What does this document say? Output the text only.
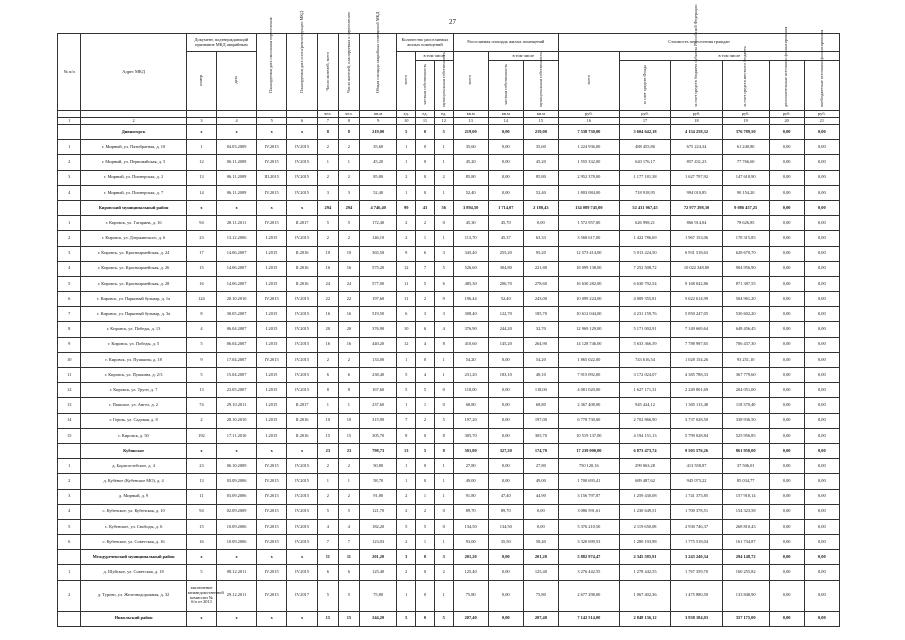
27
№ п/п	Адрес МКД	Документ, подтверждающий признание МКД аварийным		Планируемая дата окончания переселения	Планируемая дата сноса/реконструкции МКД	Число жителей, всего	Число жителей, планируемых к переселению	Общая площадь аварийных помещений МКД	Количество расселяемых жилых помещений			Расселяемая площадь жилых помещений			Стоимость переселения граждан					
		номер	дата						всего	в том числе		всего	в том числе		всего	в том числе				
										частная собственность	муниципальная собственность		частная собственность	муниципальная собственность		за счет средств Фонда	за счет средств бюджета субъекта Российской Федерации	за счет средств местного бюджета	дополнительные источники финансирования	внебюджетные источники финансирования
						чел.	чел.	кв.м	ед.	ед.	ед.	кв.м	кв.м	кв.м	руб.	руб.	руб.	руб.	руб.	руб.
1	2	3	4	5	6	7	8	9	10	11	12	13	14	15	16	17	18	19	20	21
	Дивногорск	x	x	x	x	8	8	219,00	5	0	5	219,00	0,00	219,00	7 538 730,00	3 604 642,18	4 154 258,32	376 789,50	0,00	0,00
1	г. Мирный, ул. Пятибратная, д. 10	1	04.03.2009	IV.2015	IV.2015	2	2	35,60	1	0	1	35,60	0,00	35,60	1 224 936,00	488 455,86	675 224,34	61 240,80	0,00	0,00
2	г. Мирный, ул. Первомайская, д. 5	12	06.11.2009	IV.2015	IV.2015	1	1	45,20	1	0	1	45,20	0,00	45,20	1 555 332,00	620 176,17	857 431,23	77 766,60	0,00	0,00
3	г. Мирный, ул. Пионерская, д. 2	13	06.11.2009	III.2015	IV.2015	2	2	85,80	2	0	2	85,80	0,00	85,80	2 952 378,00	1 177 181,38	1 627 797,92	147 618,90	0,00	0,00
4	г. Мирный, ул. Пионерская, д. 7	14	06.11.2009	IV.2015	IV.2015	3	3	52,40	1	0	1	52,40	0,00	52,40	1 803 084,00	718 918,95	994 010,85	90 154,20	0,00	0,00
	Кировский муниципальный район	x	x	x	x	294	294	4 746,40	99	43	56	3 894,50	1 714,07	2 180,43	134 089 745,00	52 431 067,45	72 977 298,30	9 086 457,25	0,00	0,00
1	г. Кировск, ул. Гагарина, д. 16	94	28.11.2011	IV.2015	II.2017	5	5	172,40	2	2	0	45,30	45,70	0,00	1 572 957,00	626 998,21	866 914,04	78 626,85	0,00	0,00
2	г. Кировск, ул. Дзержинского, д. 6	23	13.12.2006	I.2015	IV.2015	2	2	146,10	2	1	1	113,70	45,37	63,33	3 568 617,00	1 422 786,69	1 967 153,06	178 315,85	0,00	0,00
3	г. Кировск, ул. Красноармейская, д. 24	17	14.06.2007	I.2015	II.2016	10	10	365,50	9	6	3	345,40	255,20	95,20	12 573 414,00	5 013 224,50	6 931 518,63	628 670,70	0,00	0,00
4	г. Кировск, ул. Красноармейская, д. 26	15	14.06.2007	I.2015	II.2016	16	16	575,20	12	7	5	526,60	304,80	221,80	18 099 138,00	7 252 508,72	10 022 348,80	904 956,90	0,00	0,00
5	г. Кировск, ул. Красноармейская, д. 28	16	14.06.2007	I.2015	II.2016	24	24	577,00	11	5	6	485,30	206,70	278,60	16 630 282,00	6 630 792,54	9 168 042,86	871 387,55	0,00	0,00
6	г. Кировск, ул. Парковый бульвар, д. 1а	124	20.10.2010	IV.2015	IV.2015	22	22	197,60	11	2	9	196,44	52,40	243,00	10 099 224,00	4 009 355,81	5 622 614,99	504 961,20	0,00	0,00
7	г. Кировск, ул. Парковый бульвар, д. 3а	8	30.05.2007	I.2015	IV.2015	16	16	519,50	6	3	3	308,40	122,70	185,70	10 612 044,00	4 231 159,76	5 850 247,05	530 602,20	0,00	0,00
8	г. Кировск, ул. Победы, д. 13	4	06.04.2007	I.2015	IV.2015	20	20	376,90	10	6	4	376,90	244,20	32,70	12 969 129,00	5 171 002,91	7 149 669,64	648 456,45	0,00	0,00
9	г. Кировск, ул. Победы, д. 5	5	06.04.2007	I.2015	IV.2015	16	16	440,20	12	4	8	410,60	145,20	264,90	14 128 746,00	5 633 366,39	7 788 987,65	706 437,30	0,00	0,00
10	г. Кировск, ул. Пушкина, д. 18	9	17.04.2007	IV.2015	IV.2015	2	2	133,00	1	0	1	54,20	0,00	54,20	1 865 022,00	743 616,54	1 028 154,26	93 251,10	0,00	0,00
11	г. Кировск, ул. Пушкина, д. 2/3	5	15.04.2007	I.2015	IV.2015	6	6	238,40	5	4	1	231,20	183,10	48,10	7 915 092,00	3 172 024,07	4 385 788,33	367 779,60	0,00	0,00
12	г. Кировск, ул. Тругн, д. 7	13	23.05.2007	I.2015	IV.2015	8	8	167,60	5	5	0	118,00	0,00	118,00	4 081 020,00	1 627 171,31	2 249 801,69	204 051,00	0,00	0,00
13	г. Пашское, ул. Ангел, д. 2	74	29.10.2011	I.2015	II.2017	1	1	237,60	1	1	0	68,80	0,00	68,80	2 367 408,00	945 424,12	1 305 113,48	118 370,40	0,00	0,00
14	г. Гершъ, ул. Садовая, д. 8	2	28.10.2010	I.2015	II.2016	10	10	315,90	7	2	5	197,20	0,00	197,00	6 778 730,00	2 702 866,90	3 737 028,50	338 936,50	0,00	0,00
15	г. Кировск, д. 50	192	17.11.2010	I.2015	II.2016	15	15	305,70	8	0	8	305,70	0,00	305,70	10 519 137,00	4 194 151,13	5 799 028,84	525 956,85	0,00	0,00
	Кубинское	x	x	x	x	23	23	798,73	13	5	8	501,80	327,20	174,70	17 239 000,00	6 873 473,74	9 503 576,26	861 950,00	0,00	0,00
1	д. Борисоглебское, д. 4	23	06.10.2009	IV.2015	IV.2015	2	2	50,80	1	0	1	27,80	0,00	27,80	750 120,16	299 063,28	413 558,87	37 506,01	0,00	0,00
2	д. Кубёное (Кубенское МО), д. 4	13	03.09.2006	IV.2015	IV.2015	1	1	58,70	1	0	1	49,00	0,00	49,00	1 700 693,41	689 487,62	945 073,22	85 034,77	0,00	0,00
3	д. Мирный, д. 9	11	03.09.2006	IV.2015	IV.2015	2	2	91,80	2	1	1	91,80	47,40	44,90	3 156 797,87	1 259 430,08	1 741 375,85	157 918,14	0,00	0,00
4	с. Кубенское, ул. Кубенская, д. 10	94	02.09.2009	IV.2015	IV.2015	5	5	121,70	2	2	0	89,70	89,70	0,00	3 086 591,61	1 230 649,51	1 700 378,51	154 323,58	0,00	0,00
5	с. Кубенское, ул. Свободы, д. 6	15	10.09.2006	IV.2015	IV.2015	4	4	182,20	5	5	0	134,50	134,50	0,00	5 376 210,50	2 119 650,08	2 930 746,37	268 810,43	0,00	0,00
6	с. Кубенское, ул. Советская, д. 16	16	10.09.2006	IV.2015	IV.2015	7	7	123,03	2	1	1	93,00	35,50	58,40	3 320 699,53	1 280 193,98	1 775 518,04	161 734,87	0,00	0,00
	Междуреченский муниципальный район	x	x	x	x	11	11	201,20	3	0	3	201,20	0,00	201,20	5 882 974,47	2 345 585,91	3 243 240,34	294 148,72	0,00	0,00
1	д. Шуйское, ул. Советская, д. 18	5	08.12.2011	IV.2015	IV.2015	6	6	125,40	2	0	2	125,40	0,00	125,40	3 276 442,55	1 278 442,55	1 767 359,70	160 255,82	0,00	0,00
2	д. Турово, ул. Железнодорожная, д. 32	заключение межведомственной комиссии № б/н от 2013	29.12.2011	IV.2015	IV.2017	5	5	75,80	1	0	1	75,80	0,00	75,80	2 677 298,00	1 067 402,36	1 475 880,50	133 848,90	0,00	0,00
	Никольский район	x	x	x	x	15	15	244,20	5	0	5	207,40	0,00	207,40	7 142 514,00	2 848 136,12	3 938 184,03	357 175,00	0,00	0,00
